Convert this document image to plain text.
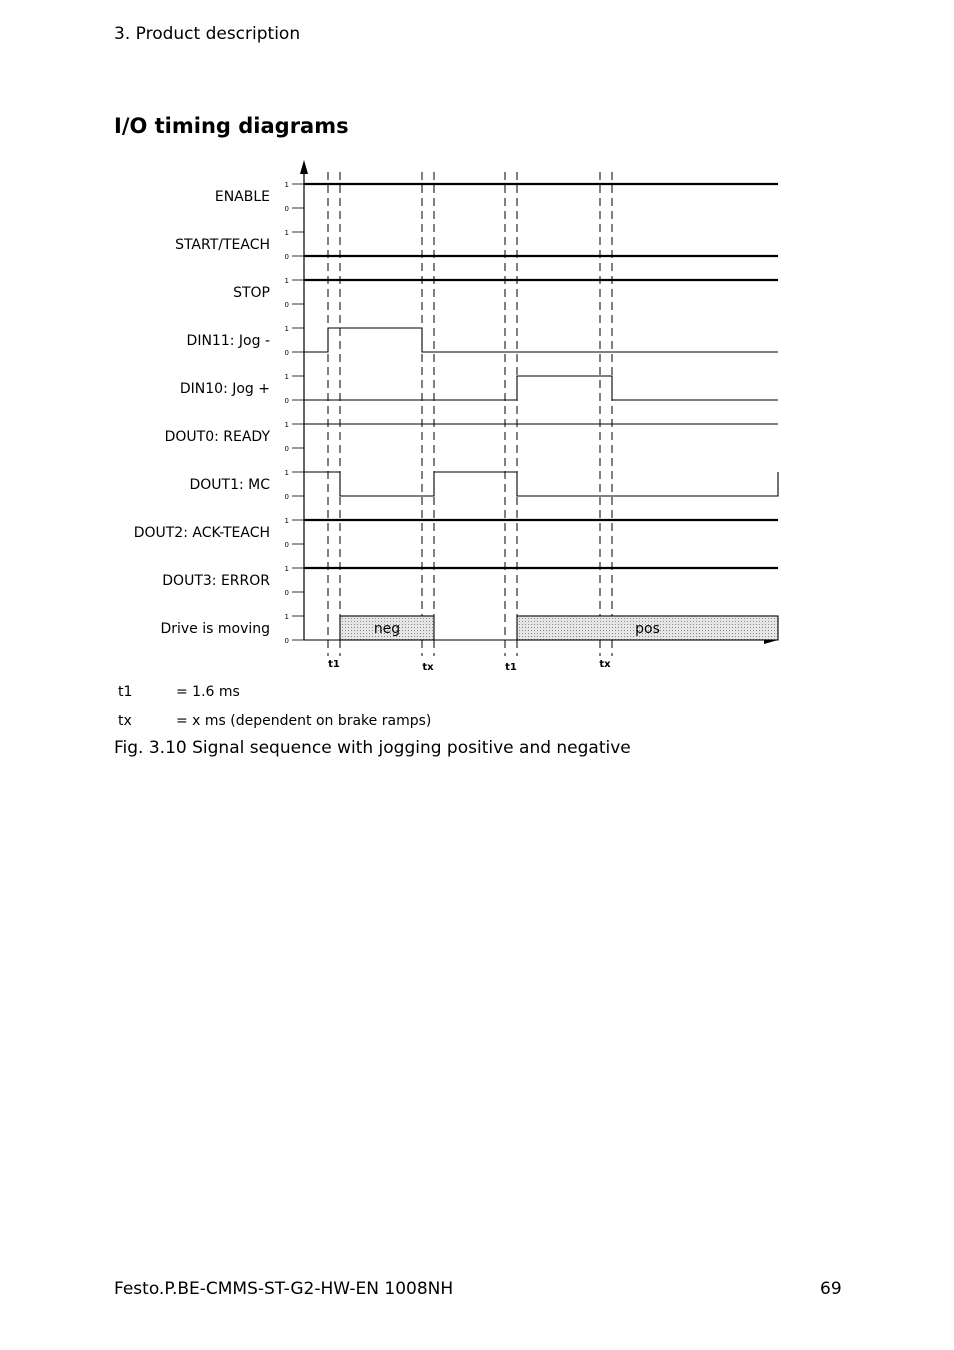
3. Product description
I/O timing diagrams
ENABLE
1
0
START/TEACH
1
0
STOP
1
0
DIN11: Jog -
1
0
DIN10: Jog +
1
0
DOUT0: READY
1
0
DOUT1: MC
1
0
DOUT2: ACK-TEACH
1
0
DOUT3: ERROR
1
0
Drive is moving
1
0
neg	pos
t1	tx	t1	tx
t1	= 1.6 ms
tx	= x ms (dependent on brake ramps)
Fig. 3.10 Signal sequence with jogging positive and negative
Festo.P.BE-CMMS-ST-G2-HW-EN 1008NH	69
